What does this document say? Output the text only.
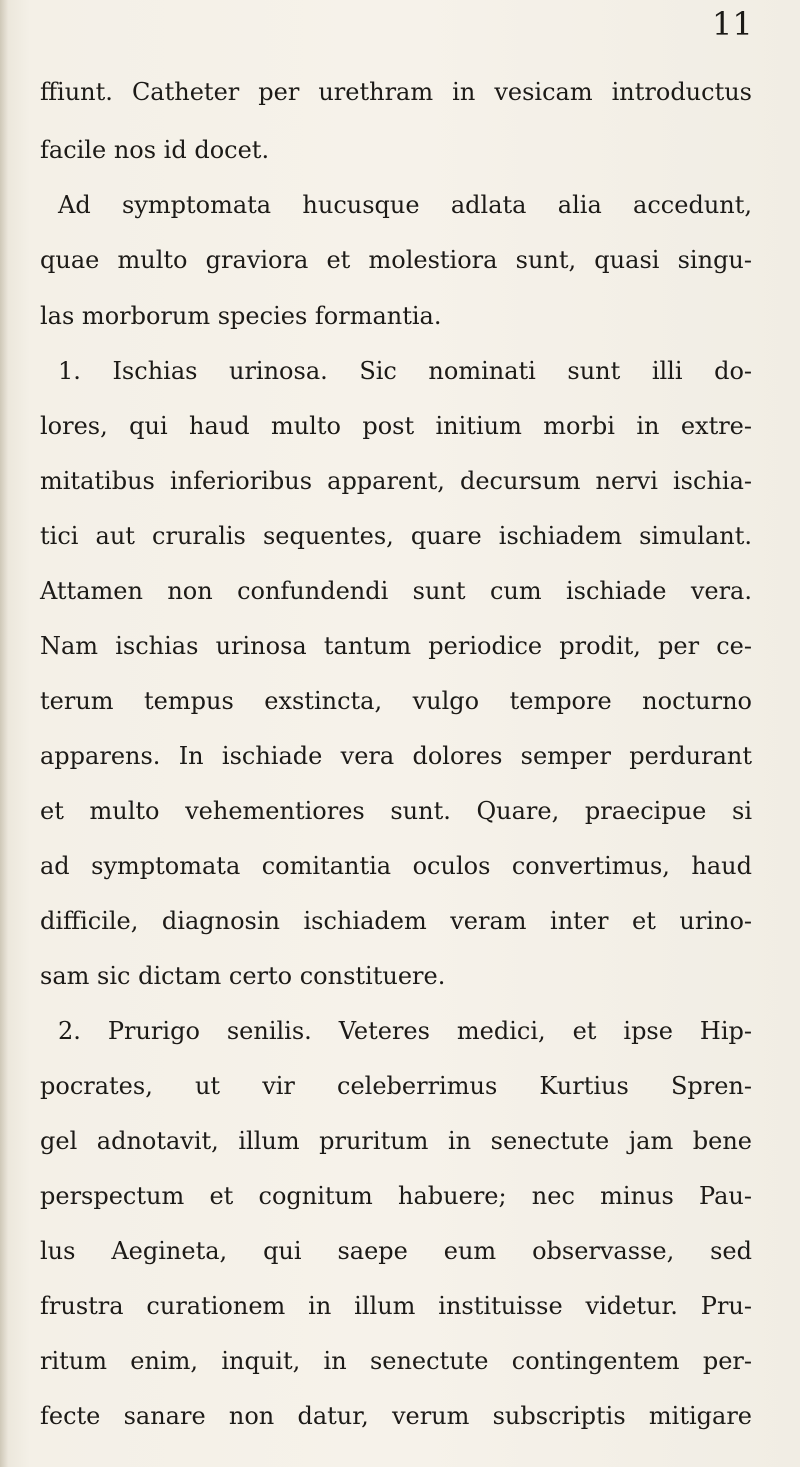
11
ffiunt. Catheter per urethram in vesicam introductus
facile nos id docet.
Ad symptomata hucusque adlata alia accedunt,
quae multo graviora et molestiora sunt, quasi singu-
las morborum species formantia.
1. Ischias urinosa. Sic nominati sunt illi do-
lores, qui haud multo post initium morbi in extre-
mitatibus inferioribus apparent, decursum nervi ischia-
tici aut cruralis sequentes, quare ischiadem simulant.
Attamen non confundendi sunt cum ischiade vera.
Nam ischias urinosa tantum periodice prodit, per ce-
terum tempus exstincta, vulgo tempore nocturno
apparens. In ischiade vera dolores semper perdurant
et multo vehementiores sunt. Quare, praecipue si
ad symptomata comitantia oculos convertimus, haud
difficile, diagnosin ischiadem veram inter et urino-
sam sic dictam certo constituere.
2. Prurigo senilis. Veteres medici, et ipse Hip-
pocrates, ut vir celeberrimus Kurtius Spren-
gel adnotavit, illum pruritum in senectute jam bene
perspectum et cognitum habuere; nec minus Pau-
lus Aegineta, qui saepe eum observasse, sed
frustra curationem in illum instituisse videtur. Pru-
ritum enim, inquit, in senectute contingentem per-
fecte sanare non datur, verum subscriptis mitigare
